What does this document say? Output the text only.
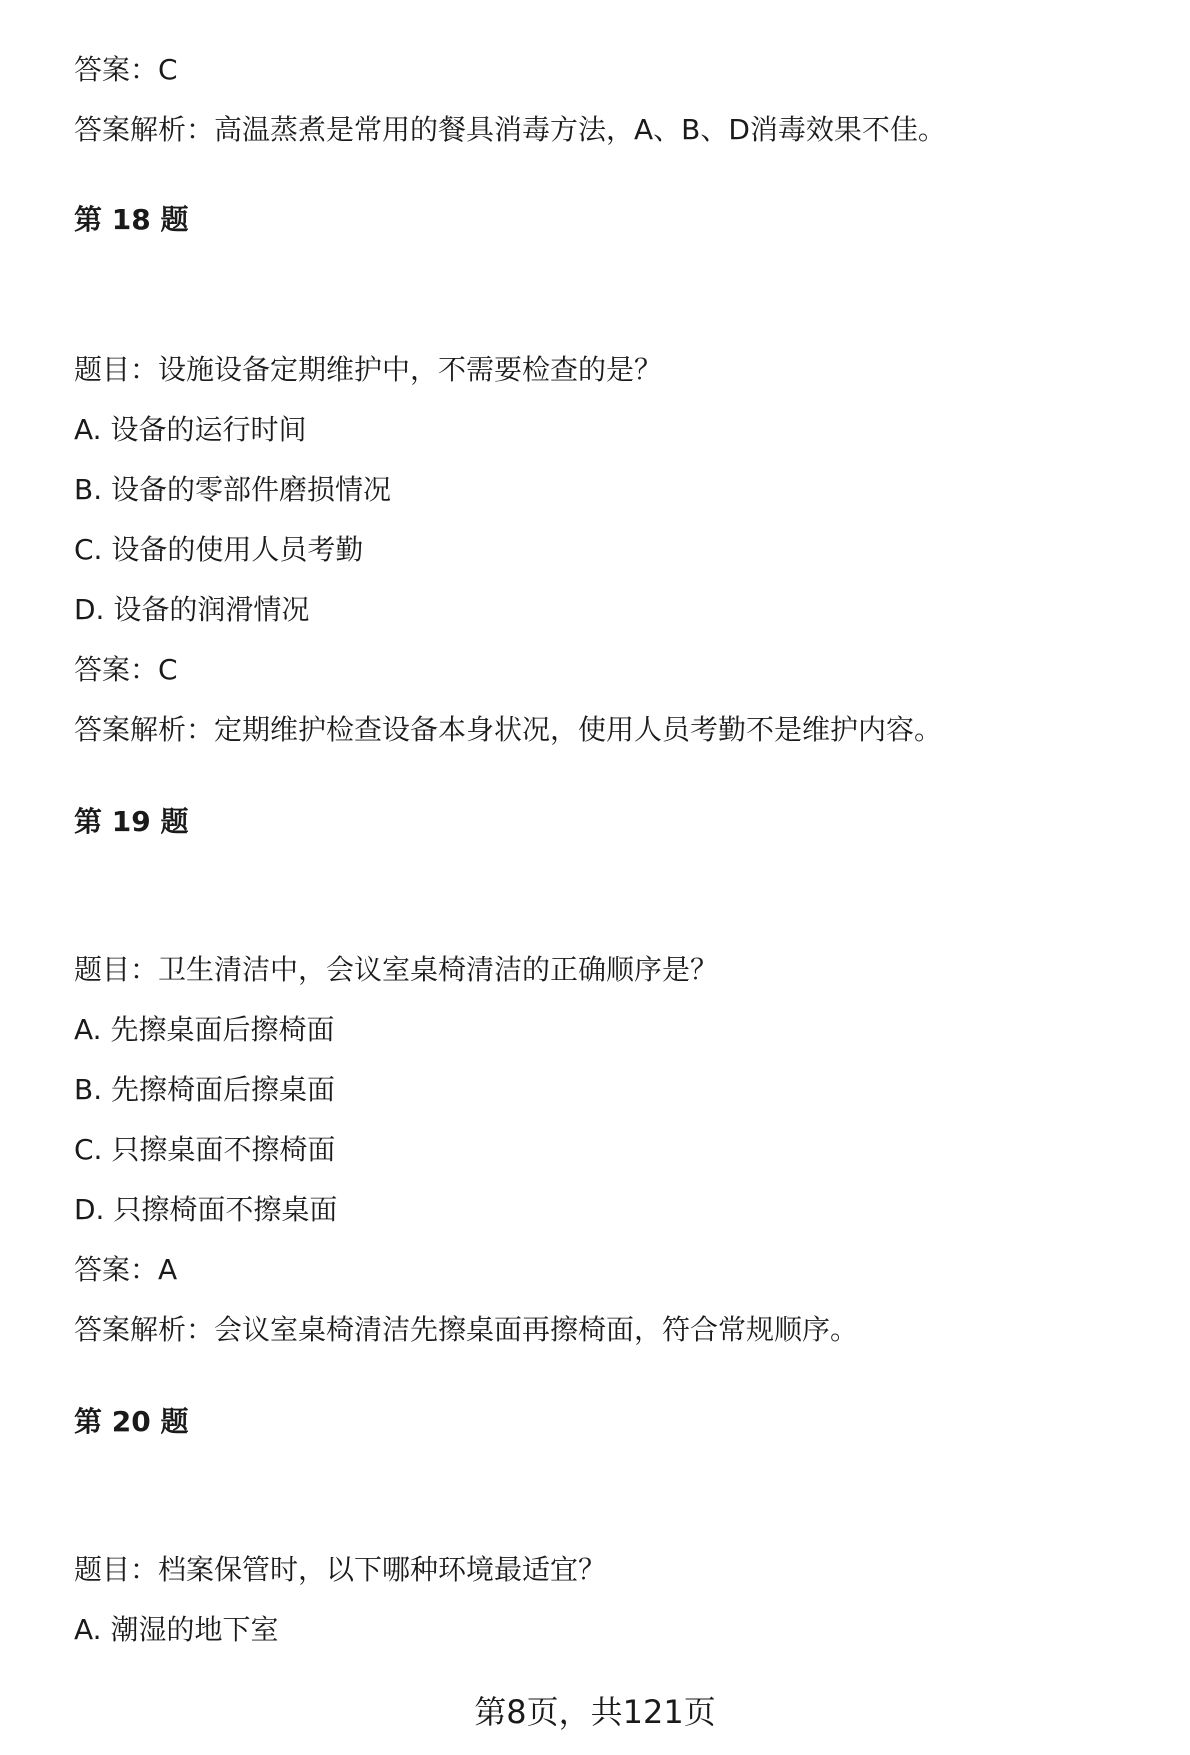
答案：C
答案解析：高温蒸煮是常用的餐具消毒方法，A、B、D消毒效果不佳。
第 18 题
题目：设施设备定期维护中，不需要检查的是？
A. 设备的运行时间
B. 设备的零部件磨损情况
C. 设备的使用人员考勤
D. 设备的润滑情况
答案：C
答案解析：定期维护检查设备本身状况，使用人员考勤不是维护内容。
第 19 题
题目：卫生清洁中，会议室桌椅清洁的正确顺序是？
A. 先擦桌面后擦椅面
B. 先擦椅面后擦桌面
C. 只擦桌面不擦椅面
D. 只擦椅面不擦桌面
答案：A
答案解析：会议室桌椅清洁先擦桌面再擦椅面，符合常规顺序。
第 20 题
题目：档案保管时，以下哪种环境最适宜？
A. 潮湿的地下室
第8页，共121页
